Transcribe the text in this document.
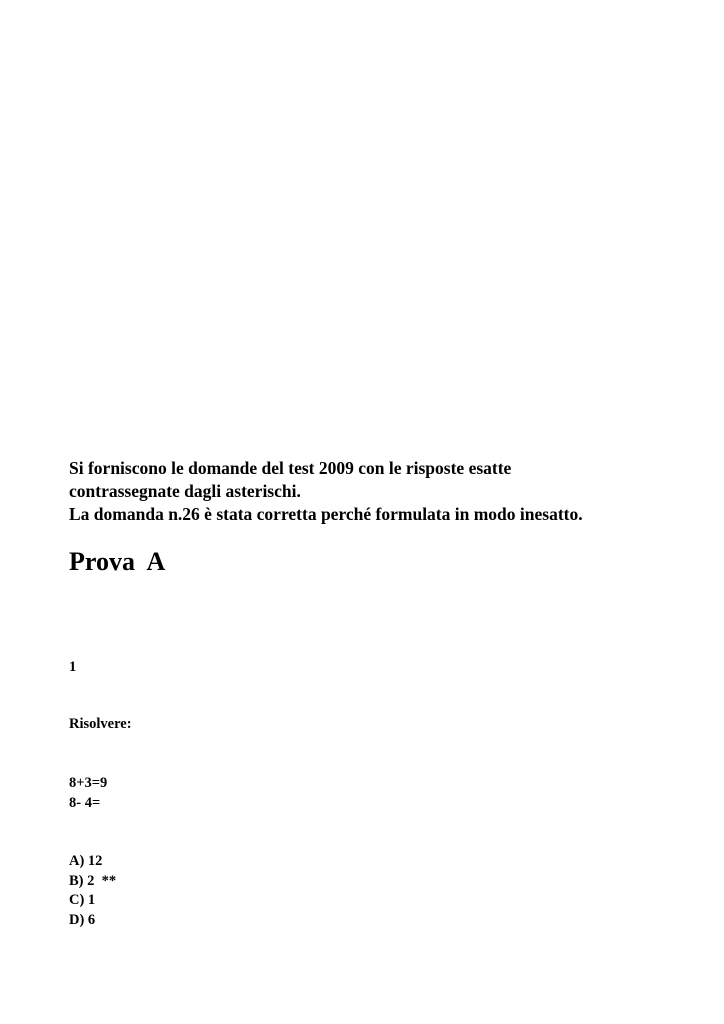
Si forniscono le domande del test 2009 con le risposte esatte
contrassegnate dagli asterischi.
La domanda n.26 è stata corretta perché formulata in modo inesatto.
Prova  A
1
Risolvere:
8+3=9
8- 4=
A) 12
B) 2  **
C) 1
D) 6
